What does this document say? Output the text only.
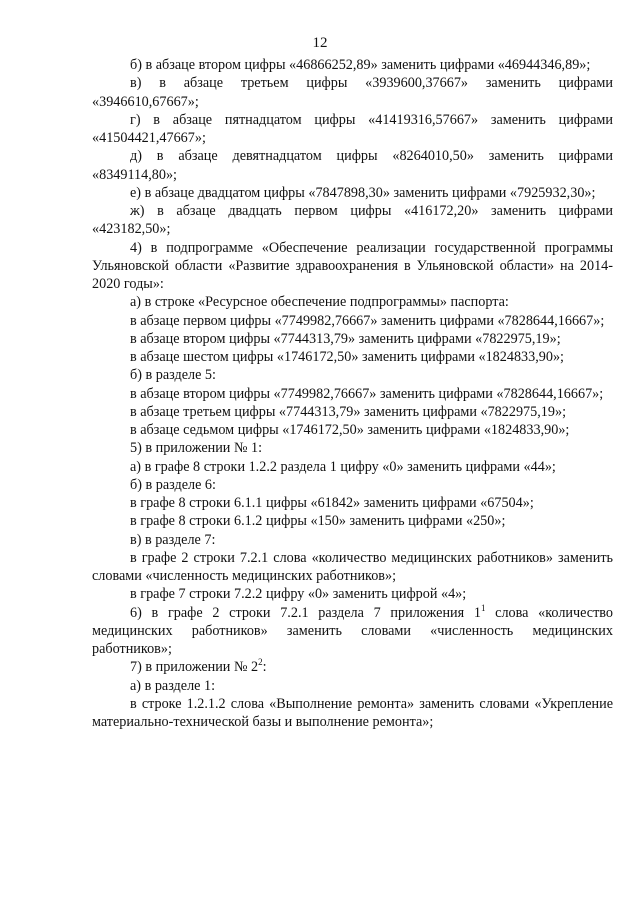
12

б) в абзаце втором цифры «46866252,89» заменить цифрами «46944346,89»;

в) в абзаце третьем цифры «3939600,37667» заменить цифрами «3946610,67667»;

г) в абзаце пятнадцатом цифры «41419316,57667» заменить цифрами «41504421,47667»;

д) в абзаце девятнадцатом цифры «8264010,50» заменить цифрами «8349114,80»;

е) в абзаце двадцатом цифры «7847898,30» заменить цифрами «7925932,30»;

ж) в абзаце двадцать первом цифры «416172,20» заменить цифрами «423182,50»;

4) в подпрограмме «Обеспечение реализации государственной программы Ульяновской области «Развитие здравоохранения в Ульяновской области» на 2014-2020 годы»:

а) в строке «Ресурсное обеспечение подпрограммы» паспорта:

в абзаце первом цифры «7749982,76667» заменить цифрами «7828644,16667»;

в абзаце втором цифры «7744313,79» заменить цифрами «7822975,19»;

в абзаце шестом цифры «1746172,50» заменить цифрами «1824833,90»;

б) в разделе 5:

в абзаце втором цифры «7749982,76667» заменить цифрами «7828644,16667»;

в абзаце третьем цифры «7744313,79» заменить цифрами «7822975,19»;

в абзаце седьмом цифры «1746172,50» заменить цифрами «1824833,90»;

5) в приложении № 1:

а) в графе 8 строки 1.2.2 раздела 1 цифру «0» заменить цифрами «44»;

б) в разделе 6:

в графе 8 строки 6.1.1 цифры «61842» заменить цифрами «67504»;

в графе 8 строки 6.1.2 цифры «150» заменить цифрами «250»;

в) в разделе 7:

в графе 2 строки 7.2.1 слова «количество медицинских работников» заменить словами «численность медицинских работников»;

в графе 7 строки 7.2.2 цифру «0» заменить цифрой «4»;

6) в графе 2 строки 7.2.1 раздела 7 приложения $1^1$ слова «количество медицинских работников» заменить словами «численность медицинских работников»;

7) в приложении № $2^2$:

а) в разделе 1:

в строке 1.2.1.2 слова «Выполнение ремонта» заменить словами «Укрепление материально-технической базы и выполнение ремонта»;
